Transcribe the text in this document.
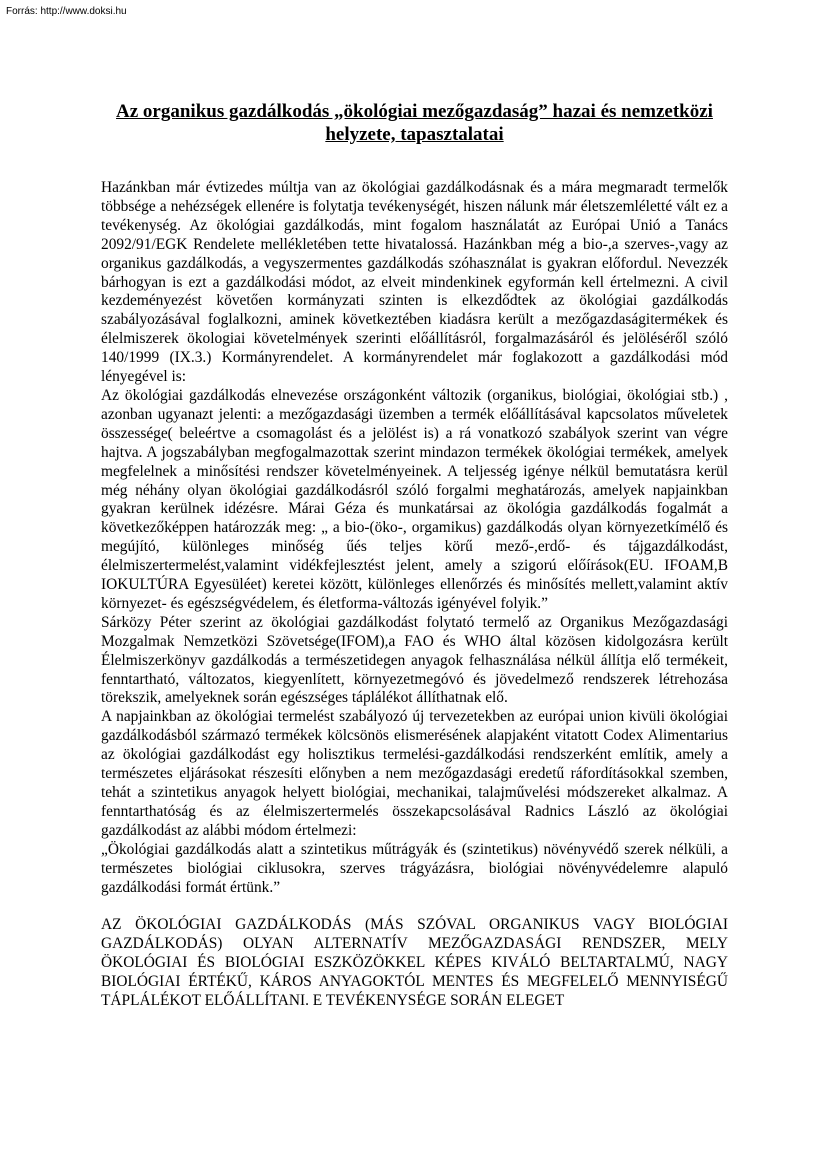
Forrás: http://www.doksi.hu
Az organikus gazdálkodás „ökológiai mezőgazdaság” hazai és nemzetközi helyzete, tapasztalatai

Hazánkban már évtizedes múltja van az ökológiai gazdálkodásnak és a mára megmaradt termelők többsége a nehézségek ellenére is folytatja tevékenységét, hiszen nálunk már életszemléletté vált ez a tevékenység. Az ökológiai gazdálkodás, mint fogalom használatát az Európai Unió a Tanács 2092/91/EGK Rendelete mellékletében tette hivatalossá. Hazánkban még a bio-,a szerves-,vagy az organikus gazdálkodás, a vegyszermentes gazdálkodás szóhasználat is gyakran előfordul. Nevezzék bárhogyan is ezt a gazdálkodási módot, az elveit mindenkinek egyformán kell értelmezni. A civil kezdeményezést követően kormányzati szinten is elkezdődtek az ökológiai gazdálkodás szabályozásával foglalkozni, aminek következtében kiadásra került a mezőgazdaságitermékek és élelmiszerek ökologiai követelmények szerinti előállításról, forgalmazásáról és jelöléséről szóló 140/1999 (IX.3.) Kormányrendelet. A kormányrendelet már foglakozott a gazdálkodási mód lényegével is:

Az ökológiai gazdálkodás elnevezése országonként változik (organikus, biológiai, ökológiai stb.) , azonban ugyanazt jelenti: a mezőgazdasági üzemben a termék előállításával kapcsolatos műveletek összessége( beleértve a csomagolást és a jelölést is) a rá vonatkozó szabályok szerint van végre hajtva. A jogszabályban megfogalmazottak szerint mindazon termékek ökológiai termékek, amelyek megfelelnek a minősítési rendszer követelményeinek. A teljesség igénye nélkül bemutatásra kerül még néhány olyan ökológiai gazdálkodásról szóló forgalmi meghatározás, amelyek napjainkban gyakran kerülnek idézésre. Márai Géza és munkatársai az ökológia gazdálkodás fogalmát a következőképpen határozzák meg: „ a bio-(öko-, orgamikus) gazdálkodás olyan környezetkímélő és megújító, különleges minőség űés teljes körű mező-,erdő- és tájgazdálkodást, élelmiszertermelést,valamint vidékfejlesztést jelent, amely a szigorú előírások(EU. IFOAM,B IOKULTÚRA Egyesüléet) keretei között, különleges ellenőrzés és minősítés mellett,valamint aktív környezet- és egészségvédelem, és életforma-változás igényével folyik.”

Sárközy Péter szerint az ökológiai gazdálkodást folytató termelő az Organikus Mezőgazdasági Mozgalmak Nemzetközi Szövetsége(IFOM),a FAO és WHO által közösen kidolgozásra került Élelmiszerkönyv gazdálkodás a természetidegen anyagok felhasználása nélkül állítja elő termékeit, fenntartható, változatos, kiegyenlített, környezetmegóvó és jövedelmező rendszerek létrehozása törekszik, amelyeknek során egészséges táplálékot állíthatnak elő.

A napjainkban az ökológiai termelést szabályozó új tervezetekben az európai union kivüli ökológiai gazdálkodásból származó termékek kölcsönös elismerésének alapjaként vitatott Codex Alimentarius az ökológiai gazdálkodást egy holisztikus termelési-gazdálkodási rendszerként említik, amely a természetes eljárásokat részesíti előnyben a nem mezőgazdasági eredetű ráfordításokkal szemben, tehát a szintetikus anyagok helyett biológiai, mechanikai, talajművelési módszereket alkalmaz. A fenntarthatóság és az élelmiszertermelés összekapcsolásával Radnics László az ökológiai gazdálkodást az alábbi módom értelmezi:

„Ökológiai gazdálkodás alatt a szintetikus műtrágyák és (szintetikus) növényvédő szerek nélküli, a természetes biológiai ciklusokra, szerves trágyázásra, biológiai növényvédelemre alapuló gazdálkodási formát értünk.”

AZ ÖKOLÓGIAI GAZDÁLKODÁS (MÁS SZÓVAL ORGANIKUS VAGY BIOLÓGIAI GAZDÁLKODÁS) OLYAN ALTERNATÍV MEZŐGAZDASÁGI RENDSZER, MELY ÖKOLÓGIAI ÉS BIOLÓGIAI ESZKÖZÖKKEL KÉPES KIVÁLÓ BELTARTALMÚ, NAGY BIOLÓGIAI ÉRTÉKŰ, KÁROS ANYAGOKTÓL MENTES ÉS MEGFELELŐ MENNYISÉGŰ TÁPLÁLÉKOT ELŐÁLLÍTANI. E TEVÉKENYSÉGE SORÁN ELEGET
